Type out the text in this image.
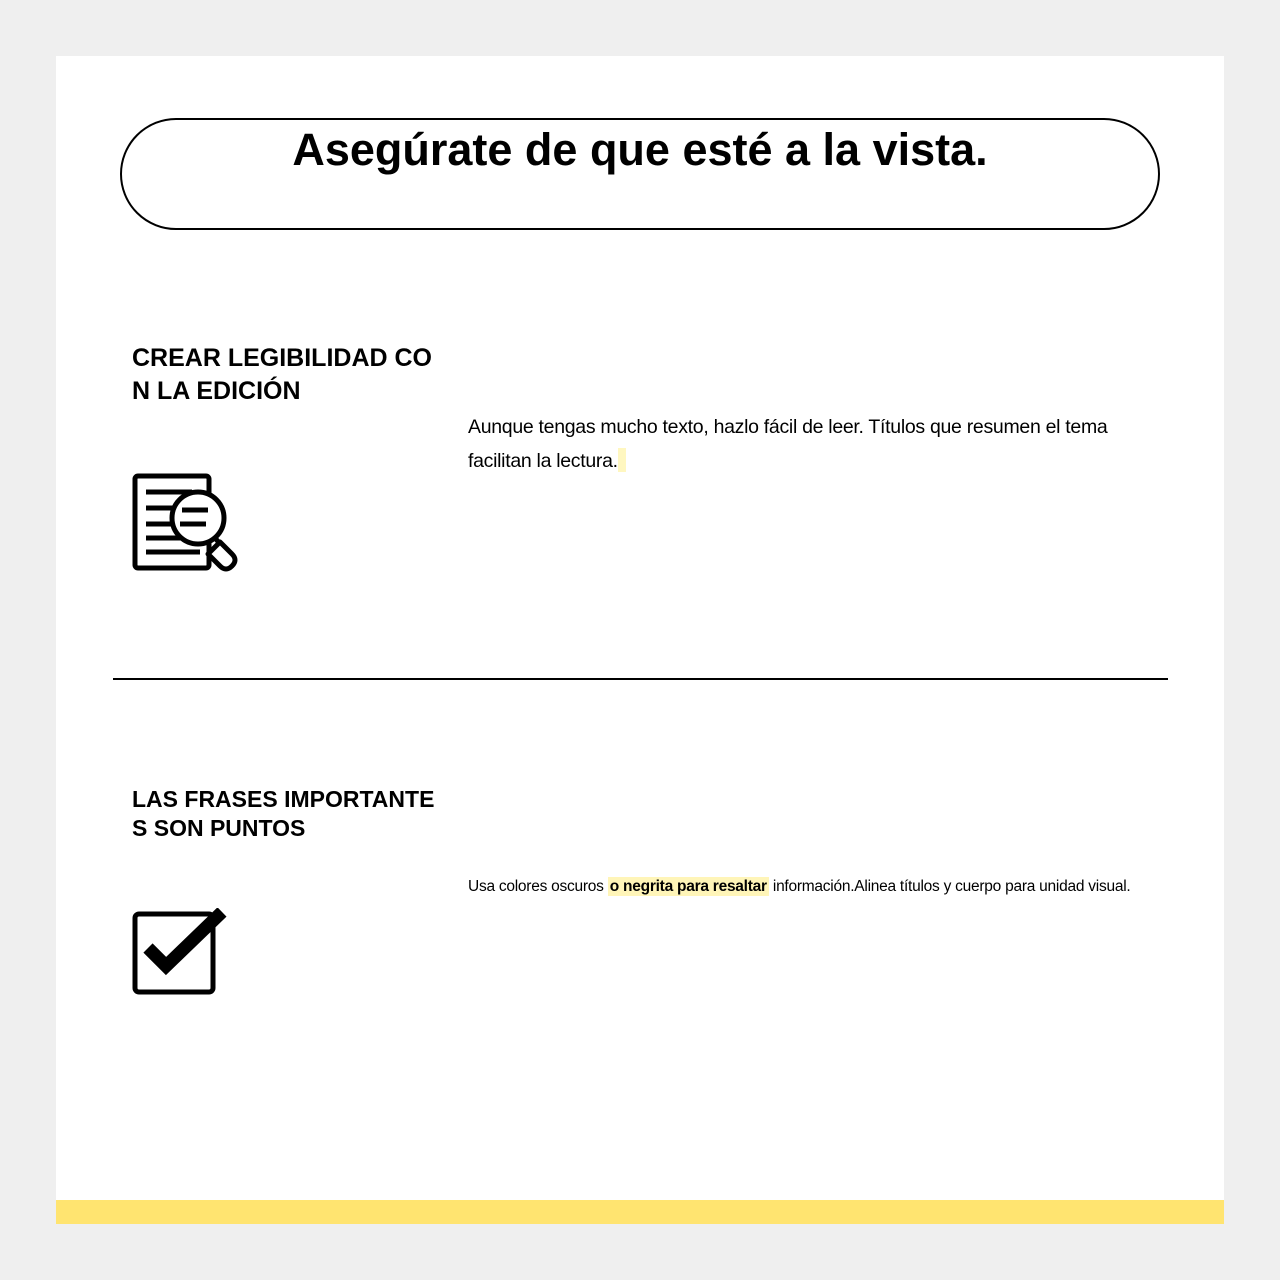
Asegúrate de que esté a la vista.
CREAR LEGIBILIDAD CON LA EDICIÓN

Aunque tengas mucho texto, hazlo fácil de leer. Títulos que resumen el tema facilitan la lectura.

LAS FRASES IMPORTANTES SON PUNTOS

Usa colores oscuros o negrita para resaltar información.Alinea títulos y cuerpo para unidad visual.
